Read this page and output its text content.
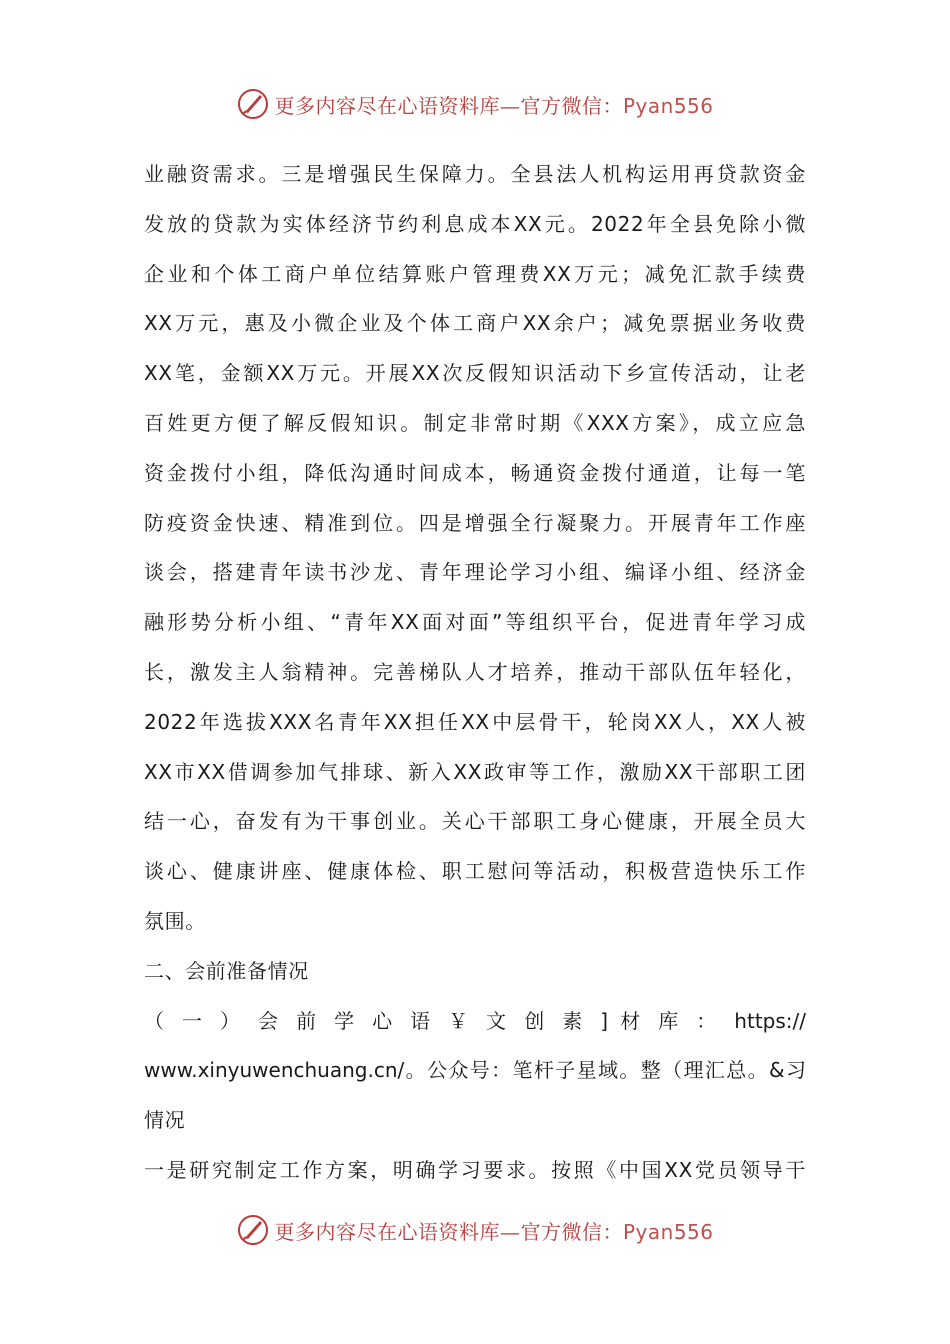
更多内容尽在心语资料库—官方微信：Pyan556
业融资需求。三是增强民生保障力。全县法人机构运用再贷款资金
发放的贷款为实体经济节约利息成本XX元。2022年全县免除小微
企业和个体工商户单位结算账户管理费XX万元；减免汇款手续费
XX万元，惠及小微企业及个体工商户XX余户；减免票据业务收费
XX笔，金额XX万元。开展XX次反假知识活动下乡宣传活动，让老
百姓更方便了解反假知识。制定非常时期《XXX方案》，成立应急
资金拨付小组，降低沟通时间成本，畅通资金拨付通道，让每一笔
防疫资金快速、精准到位。四是增强全行凝聚力。开展青年工作座
谈会，搭建青年读书沙龙、青年理论学习小组、编译小组、经济金
融形势分析小组、“青年XX面对面”等组织平台，促进青年学习成
长，激发主人翁精神。完善梯队人才培养，推动干部队伍年轻化，
2022年选拔XXX名青年XX担任XX中层骨干，轮岗XX人，XX人被
XX市XX借调参加气排球、新入XX政审等工作，激励XX干部职工团
结一心，奋发有为干事创业。关心干部职工身心健康，开展全员大
谈心、健康讲座、健康体检、职工慰问等活动，积极营造快乐工作
氛围。
二、会前准备情况
（ 一 ） 会 前 学 心 语 ￥ 文 创 素 ] 材 库 ： https://
www.xinyuwenchuang.cn/。公众号：笔杆子星域。整（理汇总。&习
情况
一是研究制定工作方案，明确学习要求。按照《中国XX党员领导干
更多内容尽在心语资料库—官方微信：Pyan556
